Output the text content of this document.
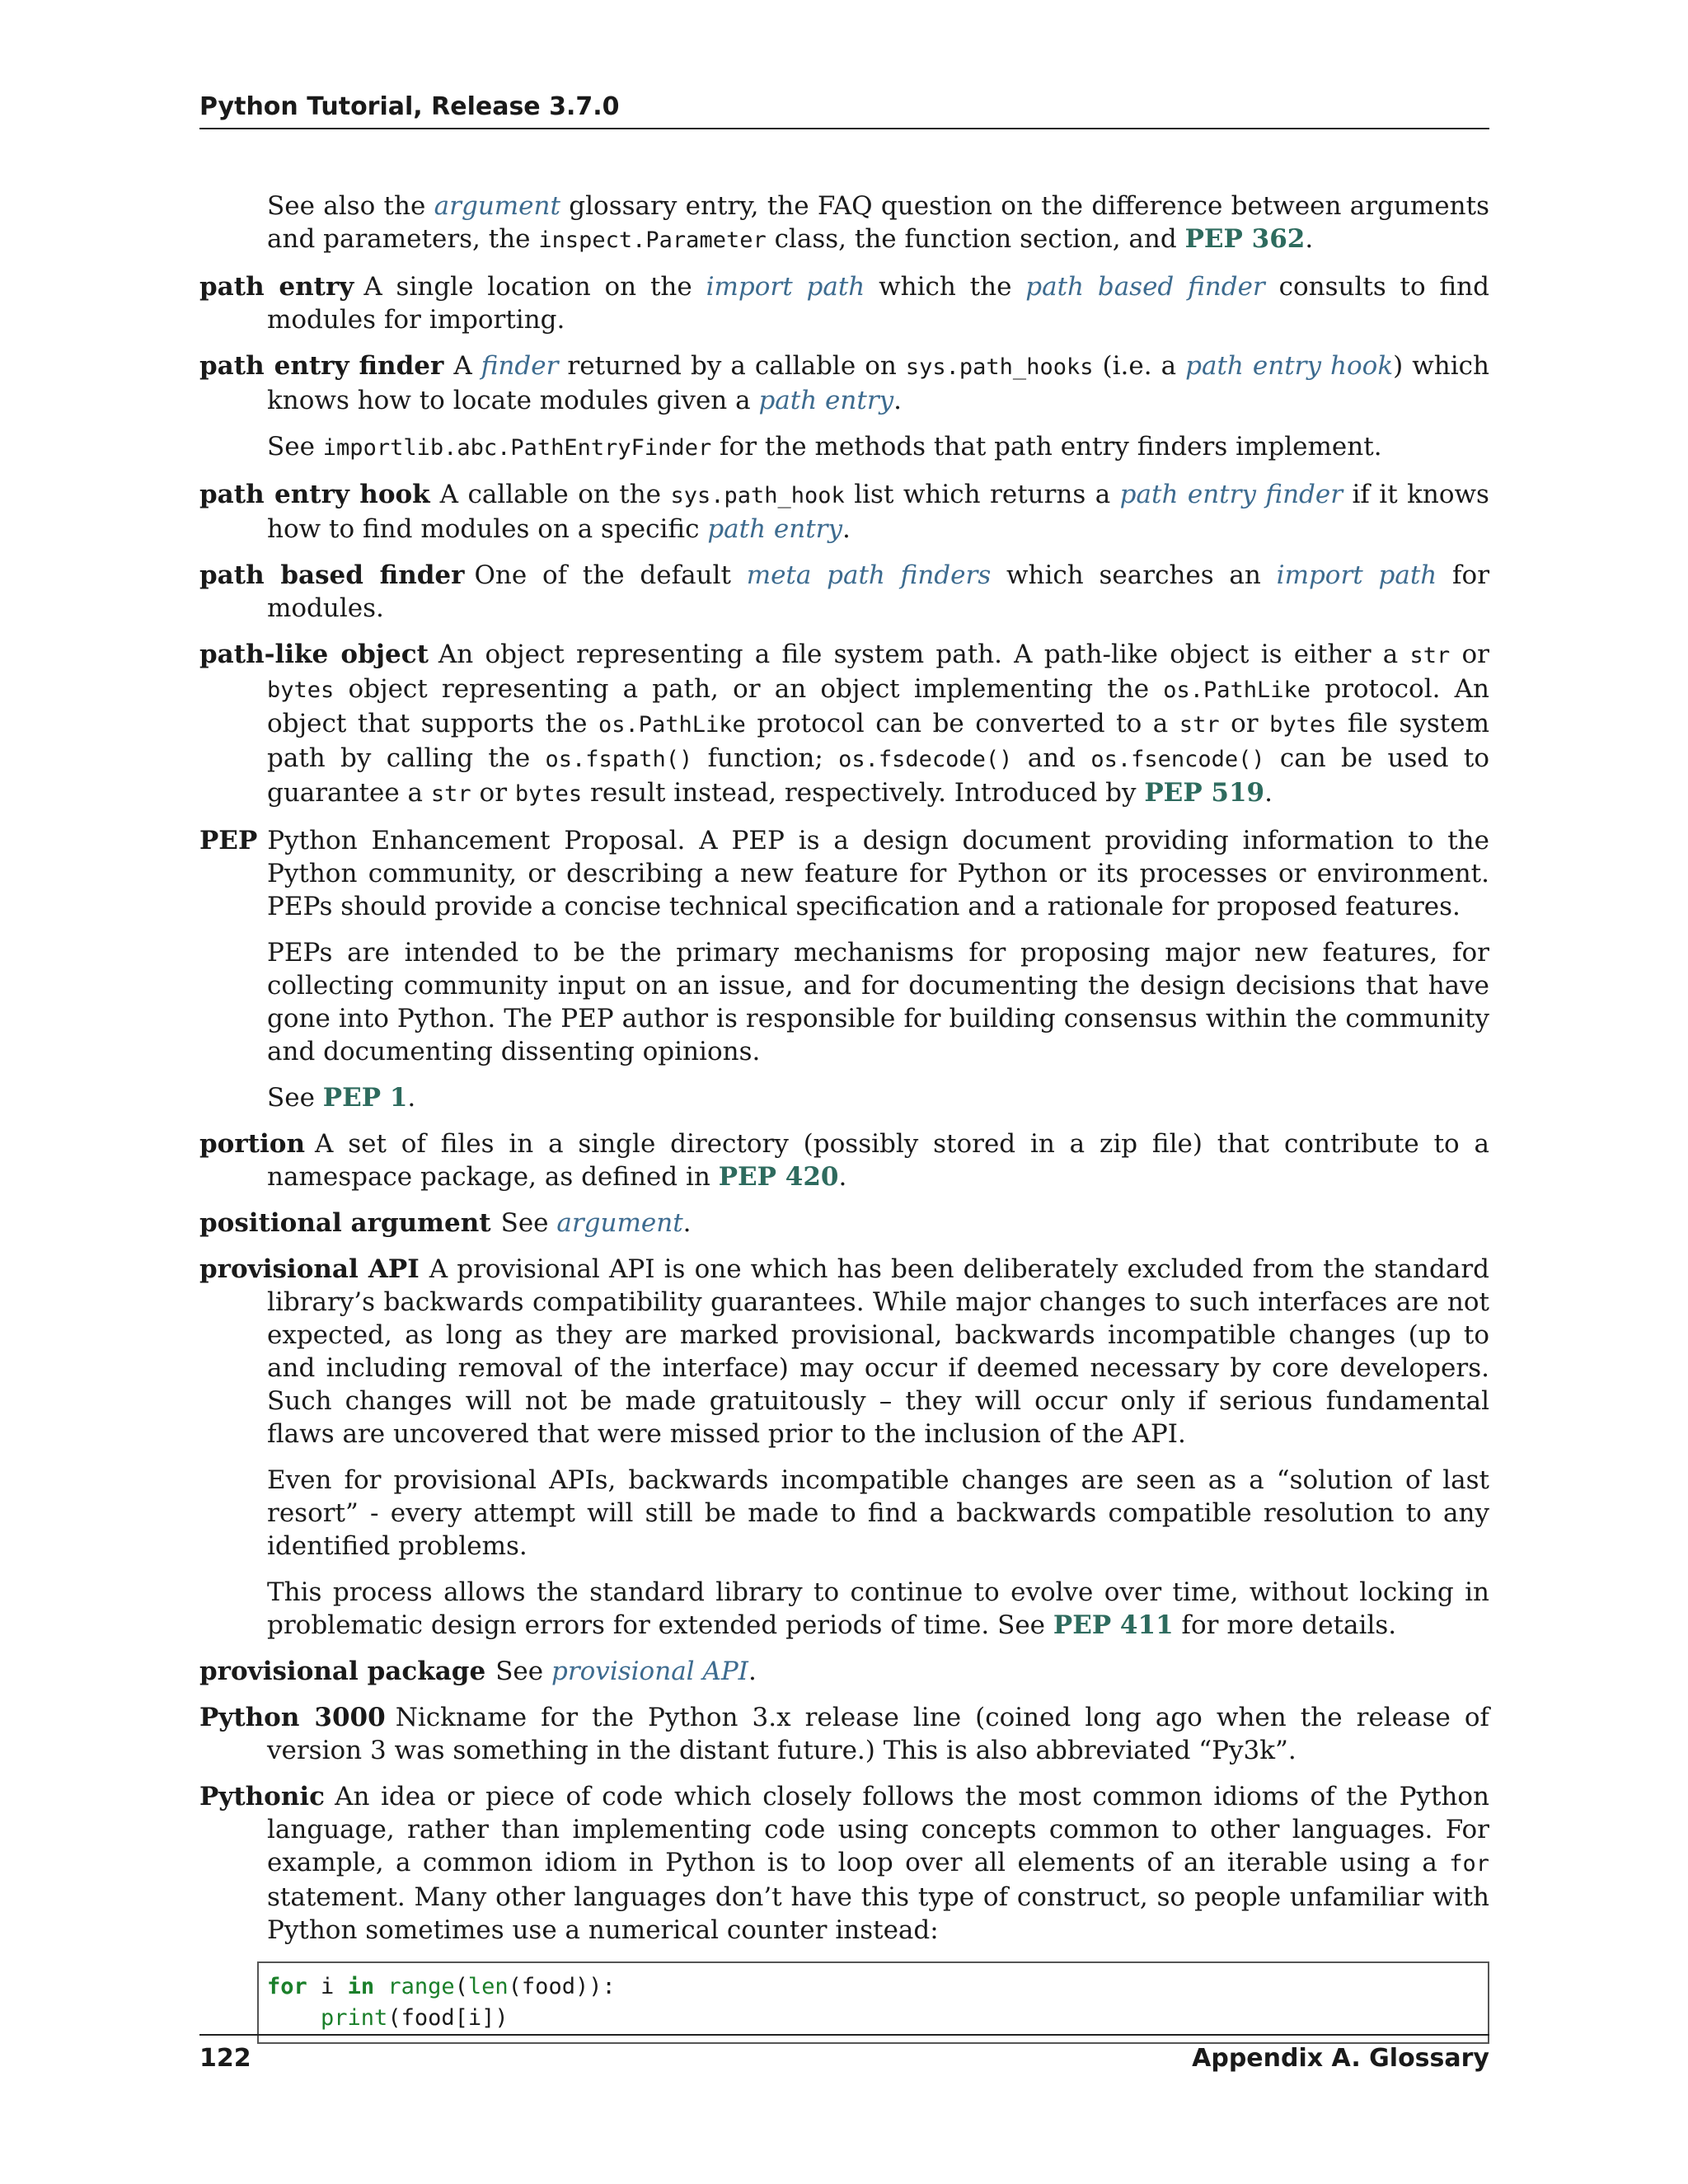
Python Tutorial, Release 3.7.0

See also the argument glossary entry, the FAQ question on the difference between arguments and parameters, the inspect.Parameter class, the function section, and PEP 362.

path entry A single location on the import path which the path based finder consults to find modules for importing.

path entry finder A finder returned by a callable on sys.path_hooks (i.e. a path entry hook) which knows how to locate modules given a path entry.

See importlib.abc.PathEntryFinder for the methods that path entry finders implement.

path entry hook A callable on the sys.path_hook list which returns a path entry finder if it knows how to find modules on a specific path entry.

path based finder One of the default meta path finders which searches an import path for modules.

path-like object An object representing a file system path. A path-like object is either a str or bytes object representing a path, or an object implementing the os.PathLike protocol. An object that supports the os.PathLike protocol can be converted to a str or bytes file system path by calling the os.fspath() function; os.fsdecode() and os.fsencode() can be used to guarantee a str or bytes result instead, respectively. Introduced by PEP 519.

PEP Python Enhancement Proposal. A PEP is a design document providing information to the Python community, or describing a new feature for Python or its processes or environment. PEPs should provide a concise technical specification and a rationale for proposed features.

PEPs are intended to be the primary mechanisms for proposing major new features, for collecting community input on an issue, and for documenting the design decisions that have gone into Python. The PEP author is responsible for building consensus within the community and documenting dissenting opinions.

See PEP 1.

portion A set of files in a single directory (possibly stored in a zip file) that contribute to a namespace package, as defined in PEP 420.

positional argument See argument.

provisional API A provisional API is one which has been deliberately excluded from the standard library’s backwards compatibility guarantees. While major changes to such interfaces are not expected, as long as they are marked provisional, backwards incompatible changes (up to and including removal of the interface) may occur if deemed necessary by core developers. Such changes will not be made gratuitously – they will occur only if serious fundamental flaws are uncovered that were missed prior to the inclusion of the API.

Even for provisional APIs, backwards incompatible changes are seen as a “solution of last resort” - every attempt will still be made to find a backwards compatible resolution to any identified problems.

This process allows the standard library to continue to evolve over time, without locking in problematic design errors for extended periods of time. See PEP 411 for more details.

provisional package See provisional API.

Python 3000 Nickname for the Python 3.x release line (coined long ago when the release of version 3 was something in the distant future.) This is also abbreviated “Py3k”.

Pythonic An idea or piece of code which closely follows the most common idioms of the Python language, rather than implementing code using concepts common to other languages. For example, a common idiom in Python is to loop over all elements of an iterable using a for statement. Many other languages don’t have this type of construct, so people unfamiliar with Python sometimes use a numerical counter instead:

for i in range(len(food)):
print(food[i])
122	Appendix A. Glossary
